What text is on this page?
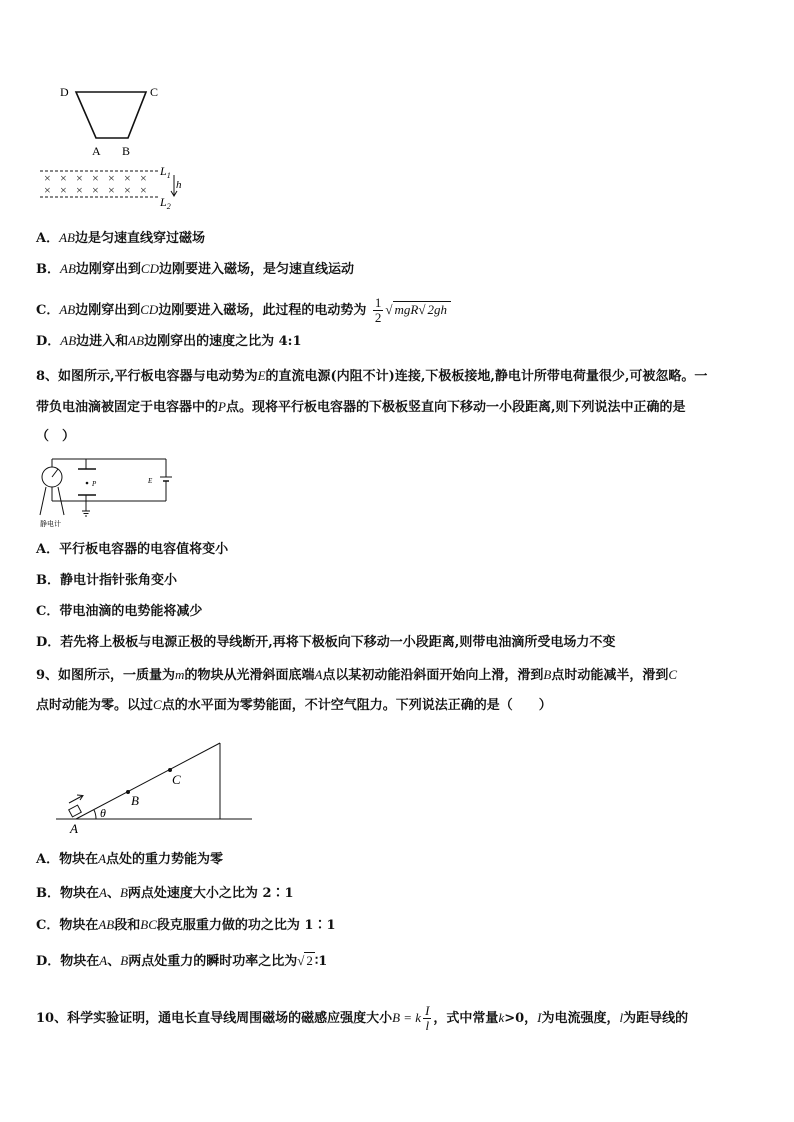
D	C
A B
× × × × × × ×
× × × × × × ×
$L_1$
$L_2$
h
A．AB边是匀速直线穿过磁场
B．AB边刚穿出到CD边刚要进入磁场，是匀速直线运动
C．AB边刚穿出到CD边刚要进入磁场，此过程的电动势为 $\frac{1}{2}$ √ mgR√ 2gh
D．AB边进入和AB边刚穿出的速度之比为 4:1
8、如图所示,平行板电容器与电动势为E的直流电源(内阻不计)连接,下极板接地,静电计所带电荷量很少,可被忽略。一
带负电油滴被固定于电容器中的P点。现将平行板电容器的下极板竖直向下移动一小段距离,则下列说法中正确的是
（　）
P	E
静电计
A．平行板电容器的电容值将变小
B．静电计指针张角变小
C．带电油滴的电势能将减少
D．若先将上极板与电源正极的导线断开,再将下极板向下移动一小段距离,则带电油滴所受电场力不变
9、如图所示，一质量为m的物块从光滑斜面底端A点以某初动能沿斜面开始向上滑，滑到B点时动能减半，滑到C
点时动能为零。以过C点的水平面为零势能面，不计空气阻力。下列说法正确的是（　　）
θ
B
C
A
A．物块在A点处的重力势能为零
B．物块在A、B两点处速度大小之比为 2∶1
C．物块在AB段和BC段克服重力做的功之比为 1∶1
D．物块在A、B两点处重力的瞬时功率之比为√ 2 ∶1
10、科学实验证明，通电长直导线周围磁场的磁感应强度大小B = k $\frac{I}{l}$ ，式中常量k>0，I为电流强度，l为距导线的
